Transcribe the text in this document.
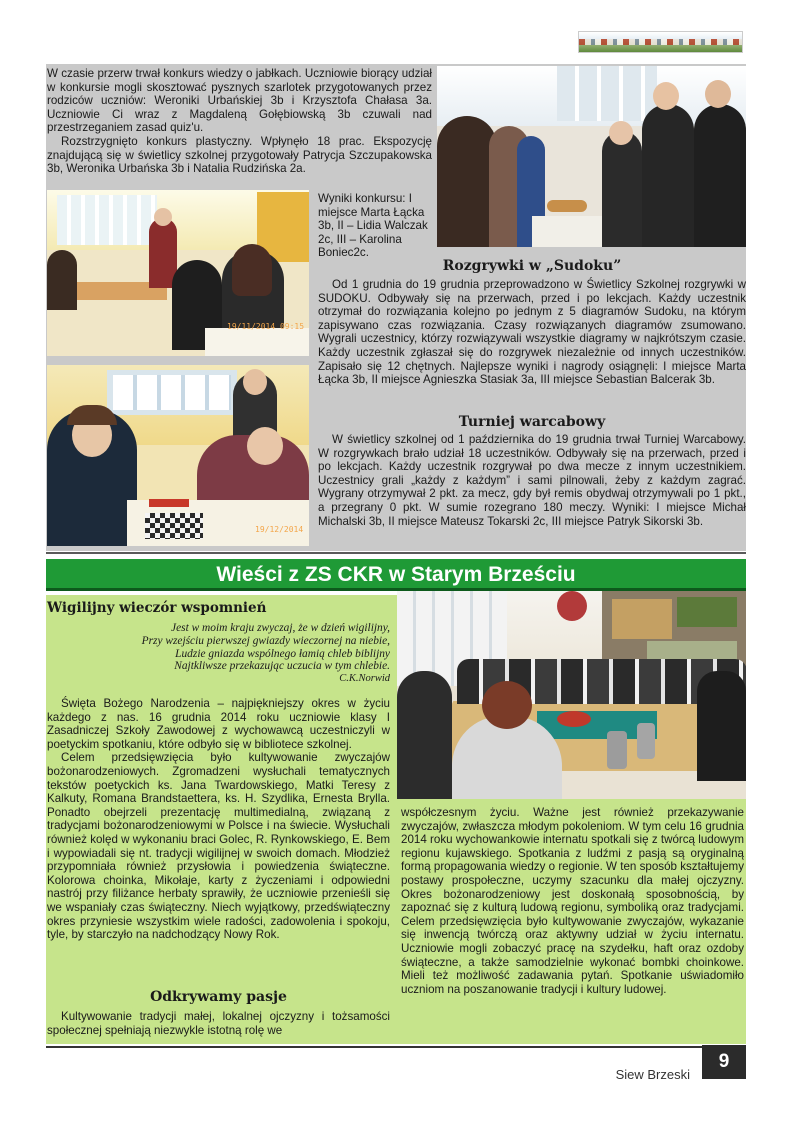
W czasie przerw trwał konkurs wiedzy o jabłkach. Uczniowie biorący udział w konkursie mogli skosztować pysznych szarlotek przygotowanych przez rodziców uczniów: Weroniki Urbańskiej 3b i Krzysztofa Chałasa 3a. Uczniowie Ci wraz z Magdaleną Gołębiowską 3b czuwali nad przestrzeganiem zasad quiz'u.

Rozstrzygnięto konkurs plastyczny. Wpłynęło 18 prac. Ekspozycję znajdującą się w świetlicy szkolnej przygotowały Patrycja Szczupakowska 3b, Weronika Urbańska 3b i Natalia Rudzińska 2a.

19/11/2014 09:15
Wyniki konkursu: I miejsce Marta Łącka 3b, II – Lidia Walczak 2c, III – Karolina Boniec2c.
19/12/2014
Rozgrywki w „Sudoku”

Od 1 grudnia do 19 grudnia przeprowadzono w Świetlicy Szkolnej rozgrywki w SUDOKU. Odbywały się na przerwach, przed i po lekcjach. Każdy uczestnik otrzymał do rozwiązania kolejno po jednym z 5 diagramów Sudoku, na którym zapisywano czas rozwiązania. Czasy rozwiązanych diagramów zsumowano. Wygrali uczestnicy, którzy rozwiązywali wszystkie diagramy w najkrótszym czasie. Każdy uczestnik zgłaszał się do rozgrywek niezależnie od innych uczestników. Zapisało się 12 chętnych. Najlepsze wyniki i nagrody osiągnęli: I miejsce Marta Łącka 3b, II miejsce Agnieszka Stasiak 3a, III miejsce Sebastian Balcerak 3b.

Turniej warcabowy

W świetlicy szkolnej od 1 października do 19 grudnia trwał Turniej Warcabowy. W rozgrywkach brało udział 18 uczestników. Odbywały się na przerwach, przed i po lekcjach. Każdy uczestnik rozgrywał po dwa mecze z innym uczestnikiem. Uczestnicy grali „każdy z każdym” i sami pilnowali, żeby z każdym zagrać. Wygrany otrzymywał 2 pkt. za mecz, gdy był remis obydwaj otrzymywali po 1 pkt., a przegrany 0 pkt. W sumie rozegrano 180 meczy. Wyniki: I miejsce Michał Michalski 3b, II miejsce Mateusz Tokarski 2c, III miejsce Patryk Sikorski 3b.

Wieści z ZS CKR w Starym Brześciu
Wigilijny wieczór wspomnień
Jest w moim kraju zwyczaj, że w dzień wigilijny,
Przy wzejściu pierwszej gwiazdy wieczornej na niebie,
Ludzie gniazda wspólnego łamią chleb biblijny
Najtkliwsze przekazując uczucia w tym chlebie.
C.K.Norwid

Święta Bożego Narodzenia – najpiękniejszy okres w życiu każdego z nas. 16 grudnia 2014 roku uczniowie klasy I Zasadniczej Szkoły Zawodowej z wychowawcą uczestniczyli w poetyckim spotkaniu, które odbyło się w bibliotece szkolnej.

Celem przedsięwzięcia było kultywowanie zwyczajów bożonarodzeniowych. Zgromadzeni wysłuchali tematycznych tekstów poetyckich ks. Jana Twardowskiego, Matki Teresy z Kalkuty, Romana Brandstaettera, ks. H. Szydlika, Ernesta Brylla. Ponadto obejrzeli prezentację multimedialną, związaną z tradycjami bożonarodzeniowymi w Polsce i na świecie. Wysłuchali również kolęd w wykonaniu braci Golec, R. Rynkowskiego, E. Bem i wypowiadali się nt. tradycji wigilijnej w swoich domach. Młodzież przypomniała również przysłowia i powiedzenia świąteczne. Kolorowa choinka, Mikołaje, karty z życzeniami i odpowiedni nastrój przy filiżance herbaty sprawiły, że uczniowie przenieśli się we wspaniały czas świąteczny. Niech wyjątkowy, przedświąteczny okres przyniesie wszystkim wiele radości, zadowolenia i spokoju, tyle, by starczyło na nadchodzący Nowy Rok.

Odkrywamy pasje

Kultywowanie tradycji małej, lokalnej ojczyzny i tożsamości społecznej spełniają niezwykle istotną rolę we

współczesnym życiu. Ważne jest również przekazywanie zwyczajów, zwłaszcza młodym pokoleniom. W tym celu 16 grudnia 2014 roku wychowankowie internatu spotkali się z twórcą ludowym regionu kujawskiego. Spotkania z ludźmi z pasją są oryginalną formą propagowania wiedzy o regionie. W ten sposób kształtujemy postawy prospołeczne, uczymy szacunku dla małej ojczyzny. Okres bożonarodzeniowy jest doskonałą sposobnością, by zapoznać się z kulturą ludową regionu, symboliką oraz tradycjami. Celem przedsięwzięcia było kultywowanie zwyczajów, wykazanie się inwencją twórczą oraz aktywny udział w życiu internatu. Uczniowie mogli zobaczyć pracę na szydełku, haft oraz ozdoby świąteczne, a także samodzielnie wykonać bombki choinkowe. Mieli też możliwość zadawania pytań. Spotkanie uświadomiło uczniom na poszanowanie tradycji i kultury ludowej.

Siew Brzeski
9
